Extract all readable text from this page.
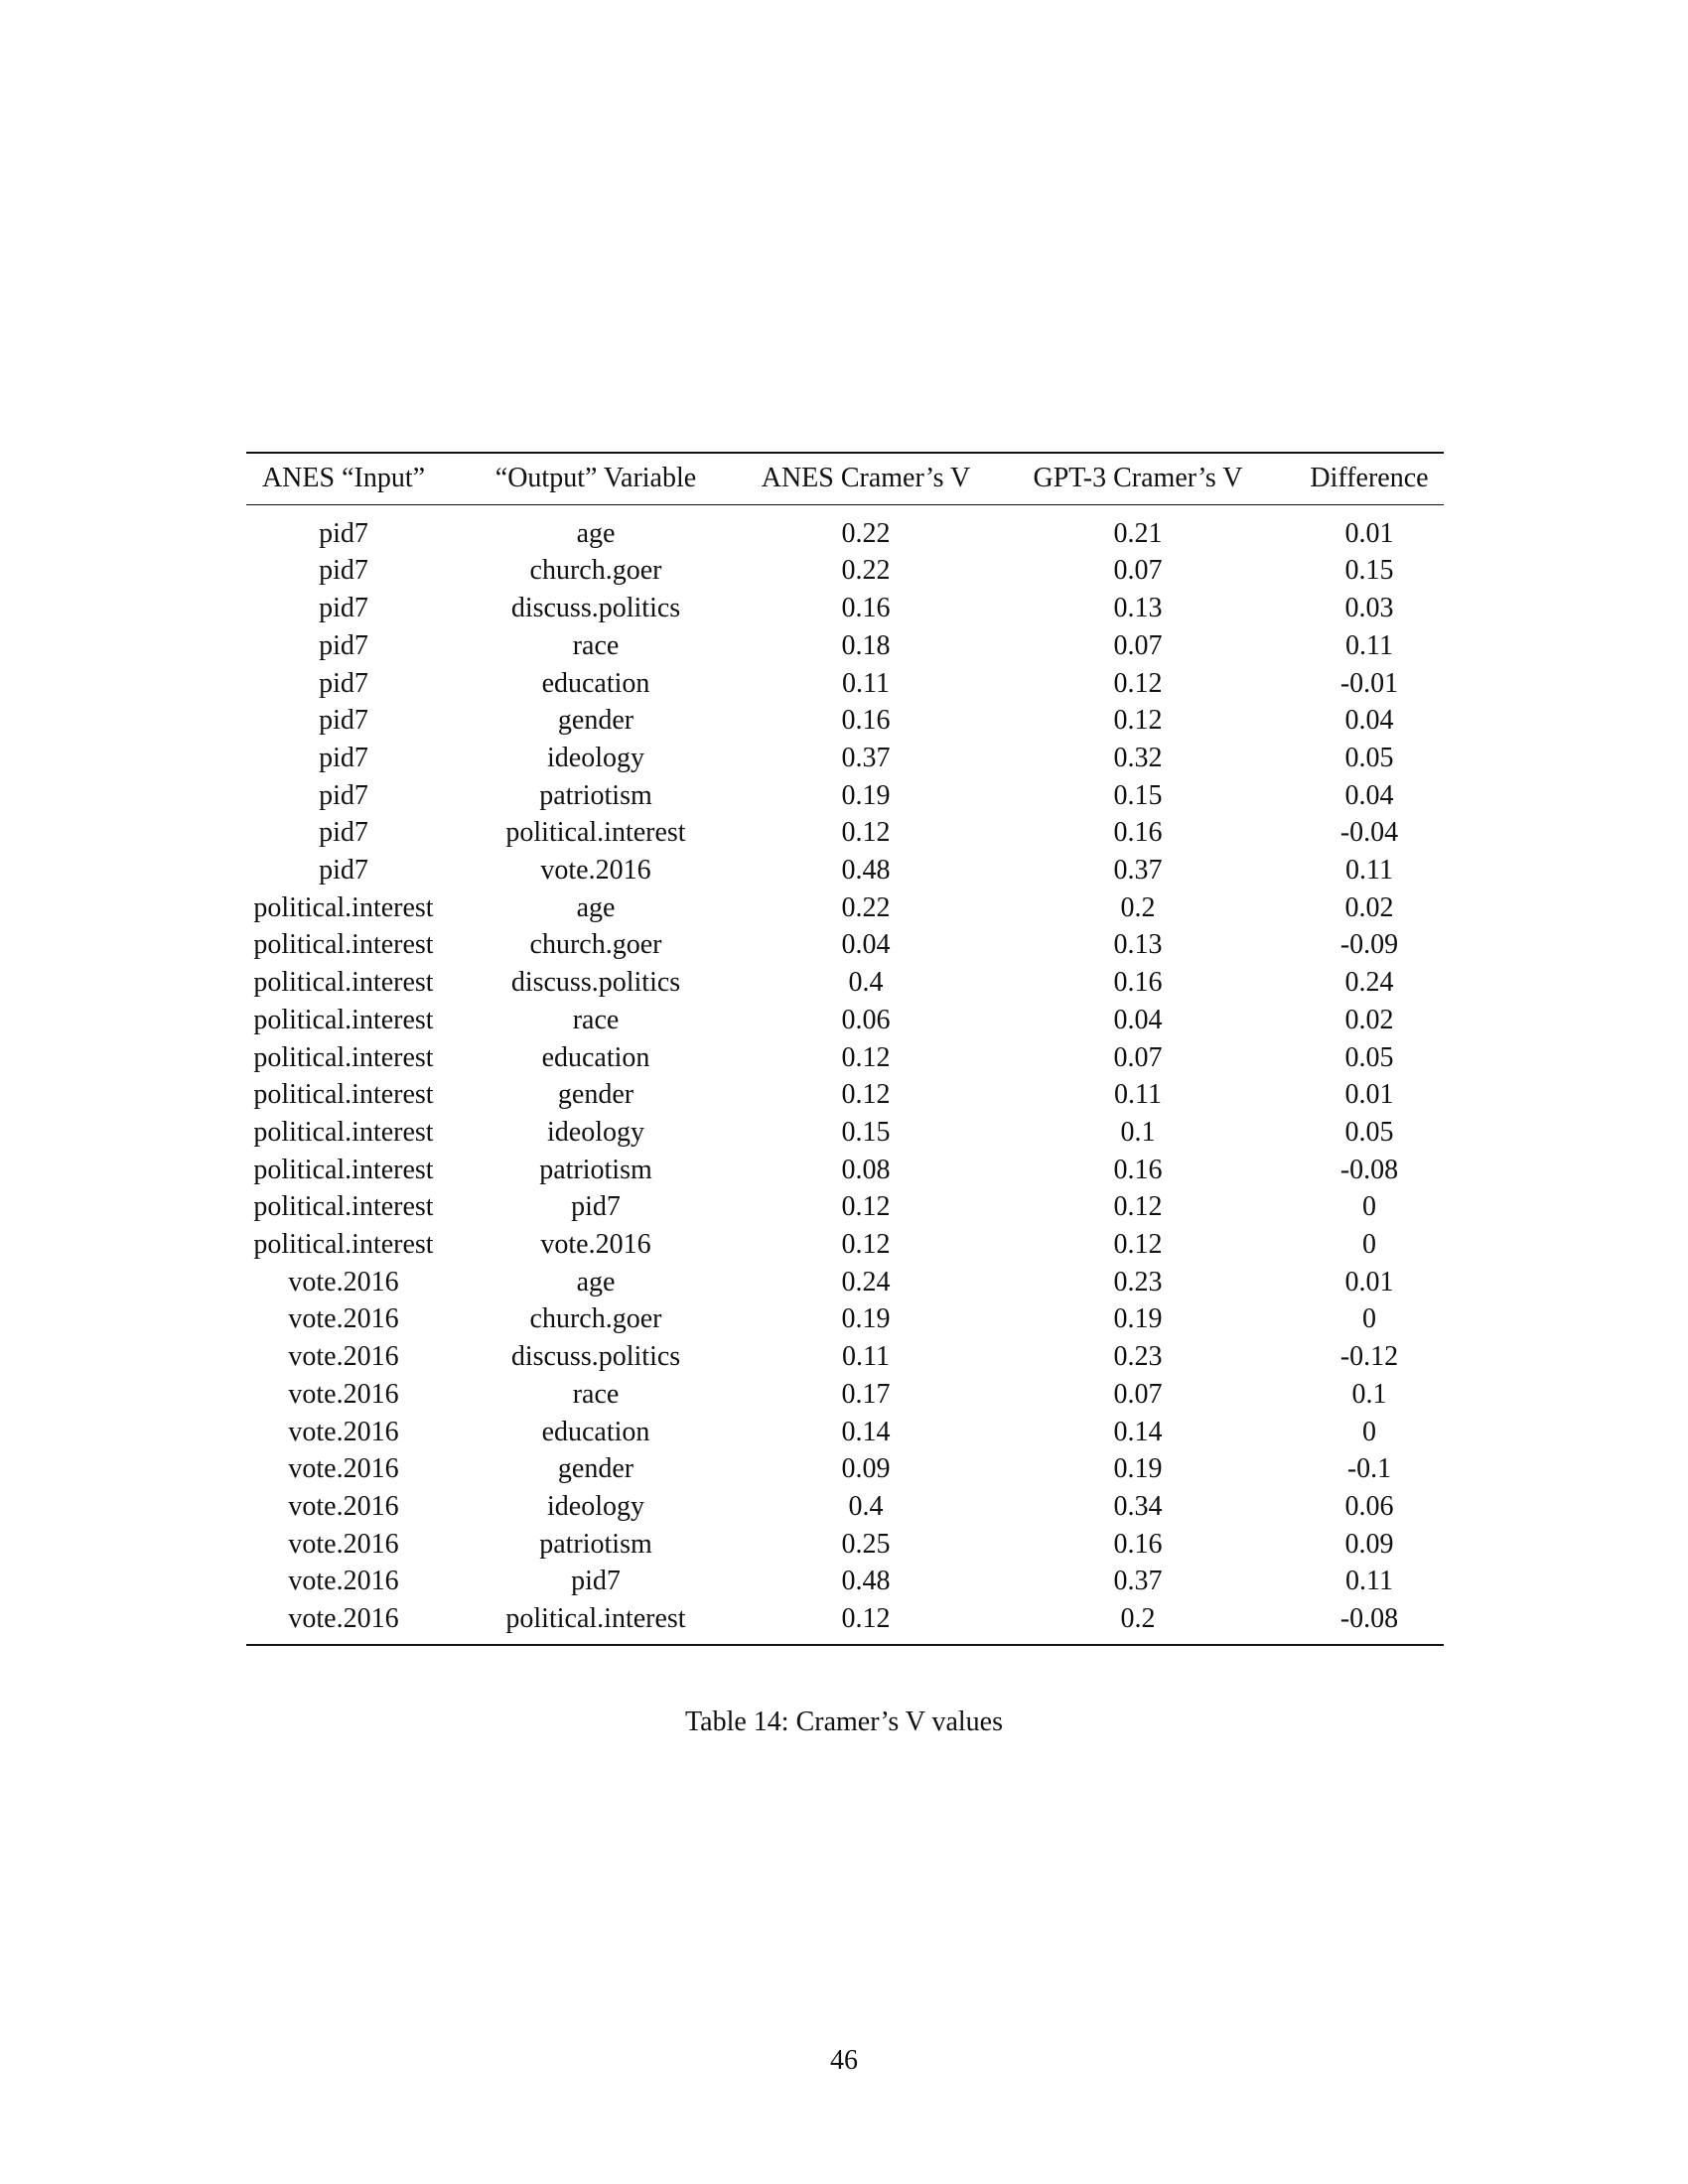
ANES “Input”	“Output” Variable	ANES Cramer’s V	GPT-3 Cramer’s V	Difference
pid7	age	0.22	0.21	0.01
pid7	church.goer	0.22	0.07	0.15
pid7	discuss.politics	0.16	0.13	0.03
pid7	race	0.18	0.07	0.11
pid7	education	0.11	0.12	-0.01
pid7	gender	0.16	0.12	0.04
pid7	ideology	0.37	0.32	0.05
pid7	patriotism	0.19	0.15	0.04
pid7	political.interest	0.12	0.16	-0.04
pid7	vote.2016	0.48	0.37	0.11
political.interest	age	0.22	0.2	0.02
political.interest	church.goer	0.04	0.13	-0.09
political.interest	discuss.politics	0.4	0.16	0.24
political.interest	race	0.06	0.04	0.02
political.interest	education	0.12	0.07	0.05
political.interest	gender	0.12	0.11	0.01
political.interest	ideology	0.15	0.1	0.05
political.interest	patriotism	0.08	0.16	-0.08
political.interest	pid7	0.12	0.12	0
political.interest	vote.2016	0.12	0.12	0
vote.2016	age	0.24	0.23	0.01
vote.2016	church.goer	0.19	0.19	0
vote.2016	discuss.politics	0.11	0.23	-0.12
vote.2016	race	0.17	0.07	0.1
vote.2016	education	0.14	0.14	0
vote.2016	gender	0.09	0.19	-0.1
vote.2016	ideology	0.4	0.34	0.06
vote.2016	patriotism	0.25	0.16	0.09
vote.2016	pid7	0.48	0.37	0.11
vote.2016	political.interest	0.12	0.2	-0.08
Table 14: Cramer’s V values
46
